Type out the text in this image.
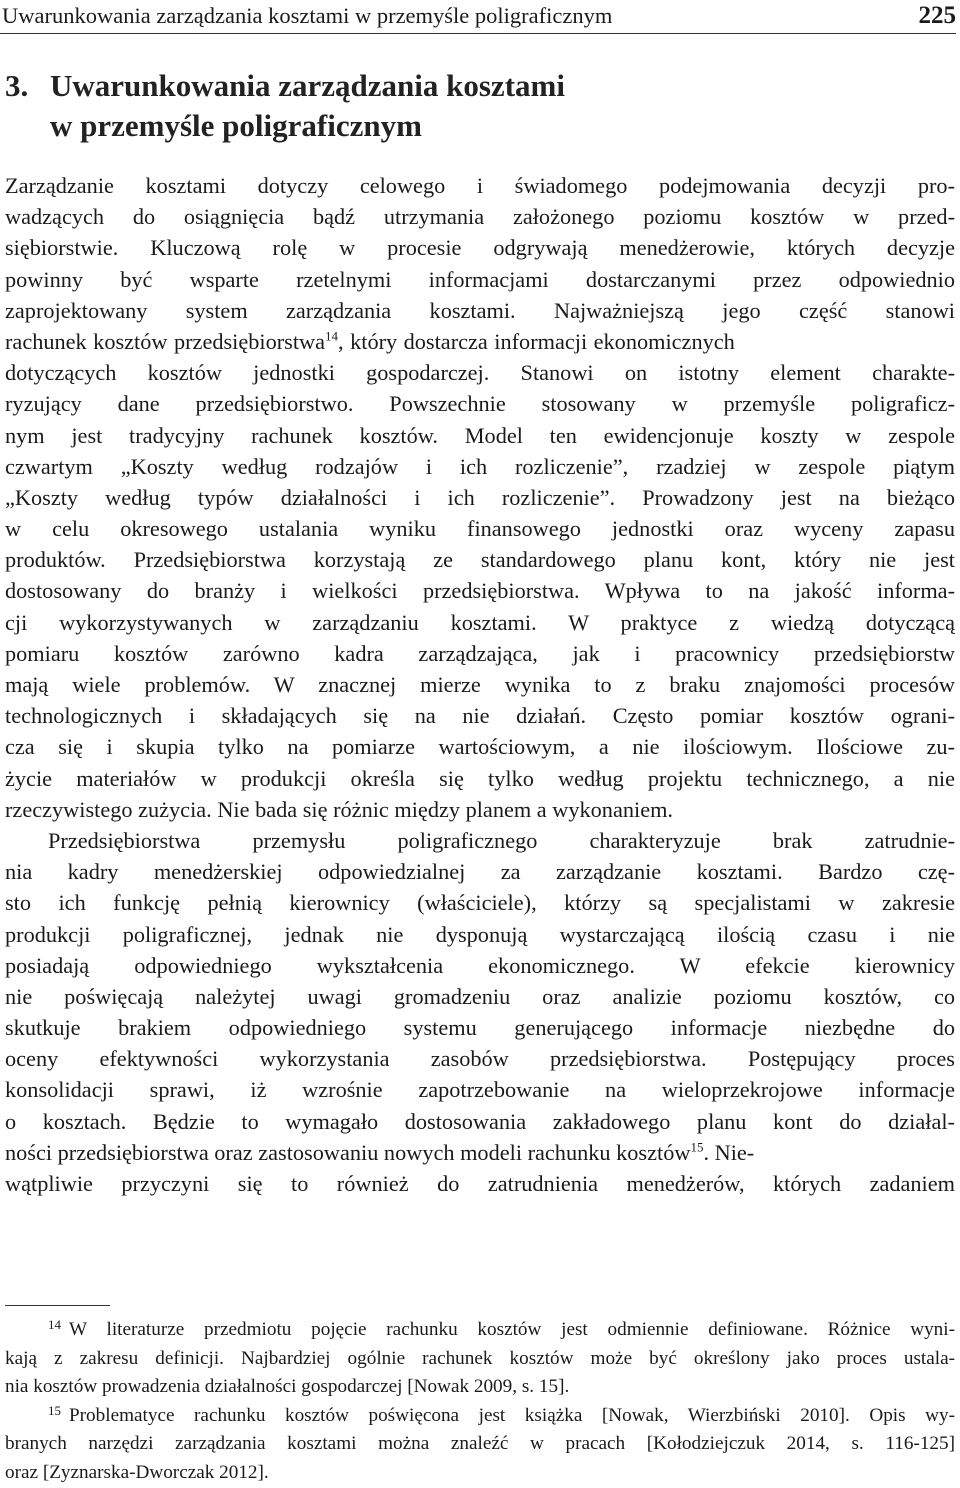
Uwarunkowania zarządzania kosztami w przemyśle poligraficznym	225
3. Uwarunkowania zarządzania kosztami
w przemyśle poligraficznym
Zarządzanie kosztami dotyczy celowego i świadomego podejmowania decyzji pro-
wadzących do osiągnięcia bądź utrzymania założonego poziomu kosztów w przed-
siębiorstwie. Kluczową rolę w procesie odgrywają menedżerowie, których decyzje
powinny być wsparte rzetelnymi informacjami dostarczanymi przez odpowiednio
zaprojektowany system zarządzania kosztami. Najważniejszą jego część stanowi
rachunek kosztów przedsiębiorstwa$^{14}$, który dostarcza informacji ekonomicznych
dotyczących kosztów jednostki gospodarczej. Stanowi on istotny element charakte-
ryzujący dane przedsiębiorstwo. Powszechnie stosowany w przemyśle poligraficz-
nym jest tradycyjny rachunek kosztów. Model ten ewidencjonuje koszty w zespole
czwartym „Koszty według rodzajów i ich rozliczenie”, rzadziej w zespole piątym
„Koszty według typów działalności i ich rozliczenie”. Prowadzony jest na bieżąco
w celu okresowego ustalania wyniku finansowego jednostki oraz wyceny zapasu
produktów. Przedsiębiorstwa korzystają ze standardowego planu kont, który nie jest
dostosowany do branży i wielkości przedsiębiorstwa. Wpływa to na jakość informa-
cji wykorzystywanych w zarządzaniu kosztami. W praktyce z wiedzą dotyczącą
pomiaru kosztów zarówno kadra zarządzająca, jak i pracownicy przedsiębiorstw
mają wiele problemów. W znacznej mierze wynika to z braku znajomości procesów
technologicznych i składających się na nie działań. Często pomiar kosztów ograni-
cza się i skupia tylko na pomiarze wartościowym, a nie ilościowym. Ilościowe zu-
życie materiałów w produkcji określa się tylko według projektu technicznego, a nie
rzeczywistego zużycia. Nie bada się różnic między planem a wykonaniem.
Przedsiębiorstwa przemysłu poligraficznego charakteryzuje brak zatrudnie-
nia kadry menedżerskiej odpowiedzialnej za zarządzanie kosztami. Bardzo czę-
sto ich funkcję pełnią kierownicy (właściciele), którzy są specjalistami w zakresie
produkcji poligraficznej, jednak nie dysponują wystarczającą ilością czasu i nie
posiadają odpowiedniego wykształcenia ekonomicznego. W efekcie kierownicy
nie poświęcają należytej uwagi gromadzeniu oraz analizie poziomu kosztów, co
skutkuje brakiem odpowiedniego systemu generującego informacje niezbędne do
oceny efektywności wykorzystania zasobów przedsiębiorstwa. Postępujący proces
konsolidacji sprawi, iż wzrośnie zapotrzebowanie na wieloprzekrojowe informacje
o kosztach. Będzie to wymagało dostosowania zakładowego planu kont do działal-
ności przedsiębiorstwa oraz zastosowaniu nowych modeli rachunku kosztów$^{15}$. Nie-
wątpliwie przyczyni się to również do zatrudnienia menedżerów, których zadaniem
14 W literaturze przedmiotu pojęcie rachunku kosztów jest odmiennie definiowane. Różnice wyni-
kają z zakresu definicji. Najbardziej ogólnie rachunek kosztów może być określony jako proces ustala-
nia kosztów prowadzenia działalności gospodarczej [Nowak 2009, s. 15].
15 Problematyce rachunku kosztów poświęcona jest książka [Nowak, Wierzbiński 2010]. Opis wy-
branych narzędzi zarządzania kosztami można znaleźć w pracach [Kołodziejczuk 2014, s. 116-125]
oraz [Zyznarska-Dworczak 2012].
